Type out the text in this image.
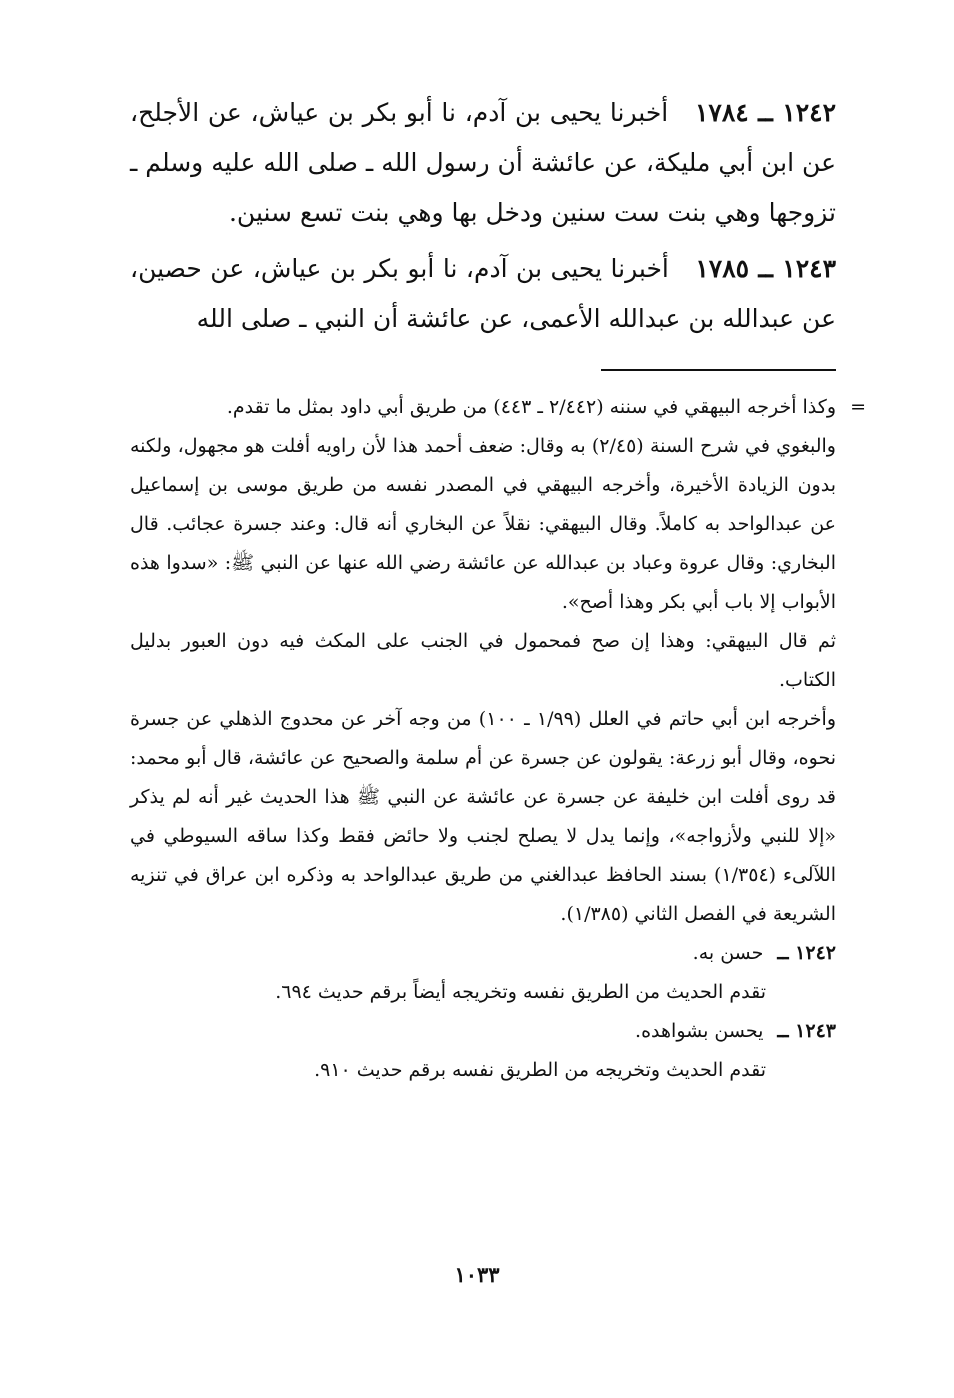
١٢٤٢ ــ ١٧٨٤ أخبرنا يحيى بن آدم، نا أبو بكر بن عياش، عن الأجلح، عن ابن أبي مليكة، عن عائشة أن رسول الله ـ صلى الله عليه وسلم ـ تزوجها وهي بنت ست سنين ودخل بها وهي بنت تسع سنين.

١٢٤٣ ــ ١٧٨٥ أخبرنا يحيى بن آدم، نا أبو بكر بن عياش، عن حصين، عن عبدالله بن عبدالله الأعمى، عن عائشة أن النبي ـ صلى الله

=

وكذا أخرجه البيهقي في سننه (٢/٤٤٢ ـ ٤٤٣) من طريق أبي داود بمثل ما تقدم.

والبغوي في شرح السنة (٢/٤٥) به وقال: ضعف أحمد هذا لأن راويه أفلت هو مجهول، ولكنه بدون الزيادة الأخيرة، وأخرجه البيهقي في المصدر نفسه من طريق موسى بن إسماعيل عن عبدالواحد به كاملاً. وقال البيهقي: نقلاً عن البخاري أنه قال: وعند جسرة عجائب. قال البخاري: وقال عروة وعباد بن عبدالله عن عائشة رضي الله عنها عن النبي ﷺ: «سدوا هذه الأبواب إلا باب أبي بكر وهذا أصح».

ثم قال البيهقي: وهذا إن صح فمحمول في الجنب على المكث فيه دون العبور بدليل الكتاب.

وأخرجه ابن أبي حاتم في العلل (١/٩٩ ـ ١٠٠) من وجه آخر عن محدوج الذهلي عن جسرة نحوه، وقال أبو زرعة: يقولون عن جسرة عن أم سلمة والصحيح عن عائشة، قال أبو محمد: قد روى أفلت ابن خليفة عن جسرة عن عائشة عن النبي ﷺ هذا الحديث غير أنه لم يذكر «إلا للنبي ولأزواجه»، وإنما يدل لا يصلح لجنب ولا حائض فقط وكذا ساقه السيوطي في اللآلىء (١/٣٥٤) بسند الحافظ عبدالغني من طريق عبدالواحد به وذكره ابن عراق في تنزيه الشريعة في الفصل الثاني (١/٣٨٥).

١٢٤٢ ــ حسن به.

تقدم الحديث من الطريق نفسه وتخريجه أيضاً برقم حديث ٦٩٤.

١٢٤٣ ــ يحسن بشواهده.

تقدم الحديث وتخريجه من الطريق نفسه برقم حديث ٩١٠.

١٠٣٣
